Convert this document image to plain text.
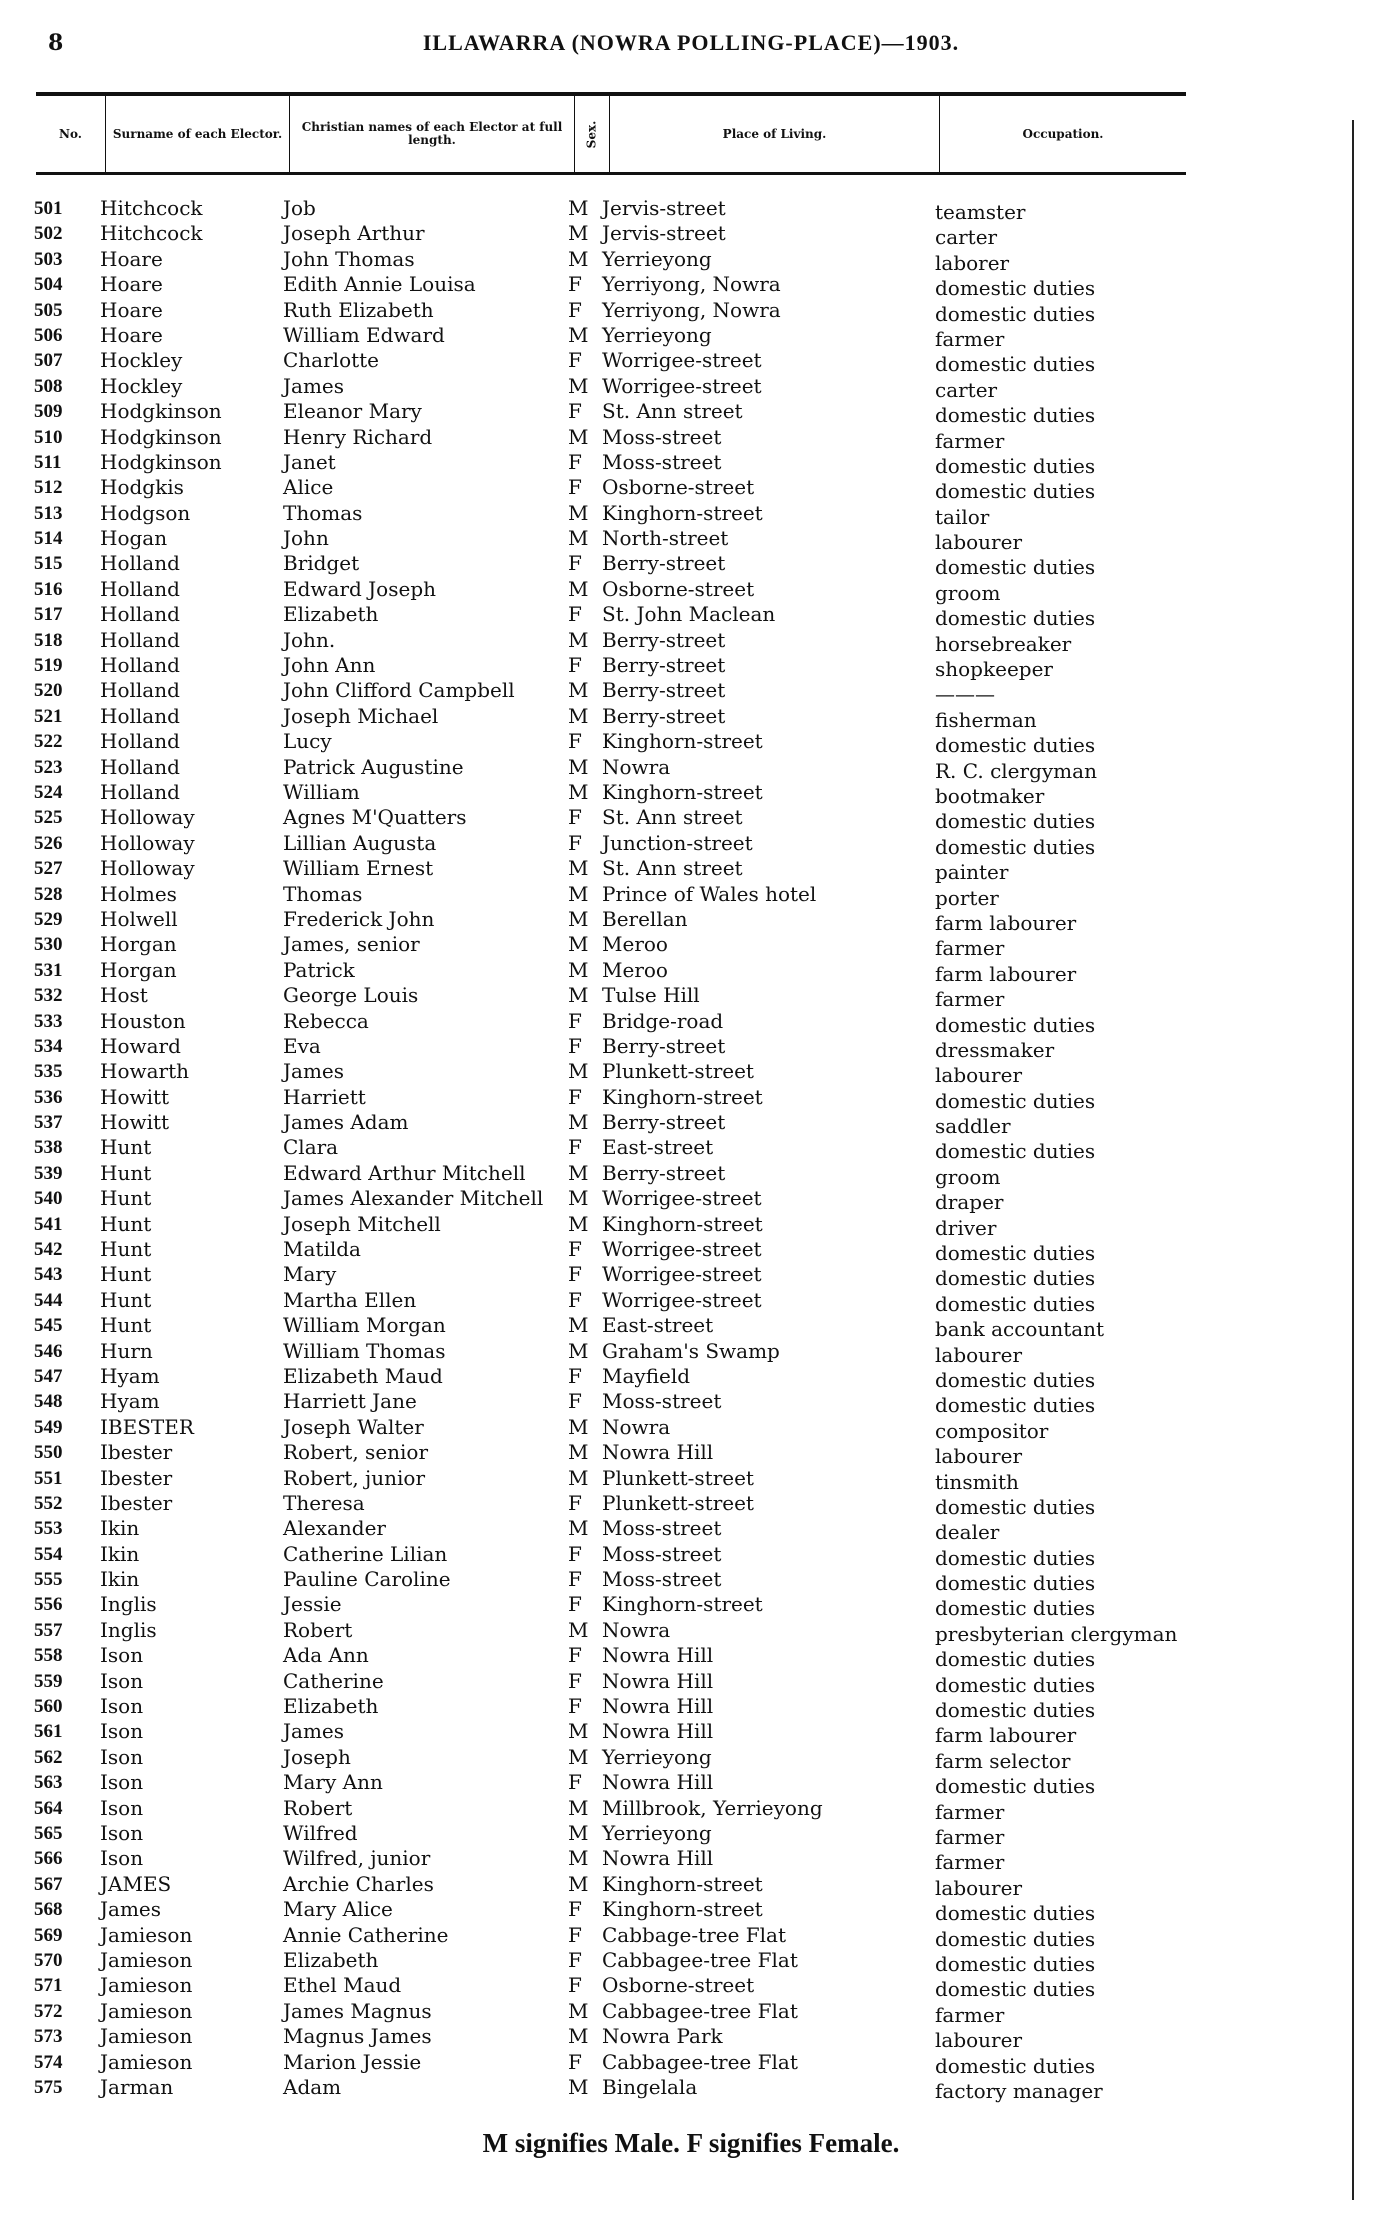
8	ILLAWARRA (NOWRA POLLING-PLACE)—1903.
No.	Surname of each Elector.	Christian names of each Elector at full length.	Sex.	Place of Living.	Occupation.
501 Hitchcock	Job	M Jervis-street	teamster
502 Hitchcock	Joseph Arthur	M Jervis-street	carter
503 Hoare	John Thomas	M Yerrieyong	laborer
504 Hoare	Edith Annie Louisa	F Yerriyong, Nowra	domestic duties
505 Hoare	Ruth Elizabeth	F Yerriyong, Nowra	domestic duties
506 Hoare	William Edward	M Yerrieyong	farmer
507 Hockley	Charlotte	F Worrigee-street	domestic duties
508 Hockley	James	M Worrigee-street	carter
509 Hodgkinson	Eleanor Mary	F St. Ann street	domestic duties
510 Hodgkinson	Henry Richard	M Moss-street	farmer
511 Hodgkinson	Janet	F Moss-street	domestic duties
512 Hodgkis	Alice	F Osborne-street	domestic duties
513 Hodgson	Thomas	M Kinghorn-street	tailor
514 Hogan	John	M North-street	labourer
515 Holland	Bridget	F Berry-street	domestic duties
516 Holland	Edward Joseph	M Osborne-street	groom
517 Holland	Elizabeth	F St. John Maclean	domestic duties
518 Holland	John.	M Berry-street	horsebreaker
519 Holland	John Ann	F Berry-street	shopkeeper
520 Holland	John Clifford Campbell	M Berry-street	———
521 Holland	Joseph Michael	M Berry-street	fisherman
522 Holland	Lucy	F Kinghorn-street	domestic duties
523 Holland	Patrick Augustine	M Nowra	R. C. clergyman
524 Holland	William	M Kinghorn-street	bootmaker
525 Holloway	Agnes M'Quatters	F St. Ann street	domestic duties
526 Holloway	Lillian Augusta	F Junction-street	domestic duties
527 Holloway	William Ernest	M St. Ann street	painter
528 Holmes	Thomas	M Prince of Wales hotel	porter
529 Holwell	Frederick John	M Berellan	farm labourer
530 Horgan	James, senior	M Meroo	farmer
531 Horgan	Patrick	M Meroo	farm labourer
532 Host	George Louis	M Tulse Hill	farmer
533 Houston	Rebecca	F Bridge-road	domestic duties
534 Howard	Eva	F Berry-street	dressmaker
535 Howarth	James	M Plunkett-street	labourer
536 Howitt	Harriett	F Kinghorn-street	domestic duties
537 Howitt	James Adam	M Berry-street	saddler
538 Hunt	Clara	F East-street	domestic duties
539 Hunt	Edward Arthur Mitchell M Berry-street	groom
540 Hunt	James Alexander Mitchell M Worrigee-street	draper
541 Hunt	Joseph Mitchell	M Kinghorn-street	driver
542 Hunt	Matilda	F Worrigee-street	domestic duties
543 Hunt	Mary	F Worrigee-street	domestic duties
544 Hunt	Martha Ellen	F Worrigee-street	domestic duties
545 Hunt	William Morgan	M East-street	bank accountant
546 Hurn	William Thomas	M Graham's Swamp	labourer
547 Hyam	Elizabeth Maud	F Mayfield	domestic duties
548 Hyam	Harriett Jane	F Moss-street	domestic duties
549 IBESTER	Joseph Walter	M Nowra	compositor
550 Ibester	Robert, senior	M Nowra Hill	labourer
551 Ibester	Robert, junior	M Plunkett-street	tinsmith
552 Ibester	Theresa	F Plunkett-street	domestic duties
553 Ikin	Alexander	M Moss-street	dealer
554 Ikin	Catherine Lilian	F Moss-street	domestic duties
555 Ikin	Pauline Caroline	F Moss-street	domestic duties
556 Inglis	Jessie	F Kinghorn-street	domestic duties
557 Inglis	Robert	M Nowra	presbyterian clergyman
558 Ison	Ada Ann	F Nowra Hill	domestic duties
559 Ison	Catherine	F Nowra Hill	domestic duties
560 Ison	Elizabeth	F Nowra Hill	domestic duties
561 Ison	James	M Nowra Hill	farm labourer
562 Ison	Joseph	M Yerrieyong	farm selector
563 Ison	Mary Ann	F Nowra Hill	domestic duties
564 Ison	Robert	M Millbrook, Yerrieyong	farmer
565 Ison	Wilfred	M Yerrieyong	farmer
566 Ison	Wilfred, junior	M Nowra Hill	farmer
567 JAMES	Archie Charles	M Kinghorn-street	labourer
568 James	Mary Alice	F Kinghorn-street	domestic duties
569 Jamieson	Annie Catherine	F Cabbage-tree Flat	domestic duties
570 Jamieson	Elizabeth	F Cabbagee-tree Flat	domestic duties
571 Jamieson	Ethel Maud	F Osborne-street	domestic duties
572 Jamieson	James Magnus	M Cabbagee-tree Flat	farmer
573 Jamieson	Magnus James	M Nowra Park	labourer
574 Jamieson	Marion Jessie	F Cabbagee-tree Flat	domestic duties
575 Jarman	Adam	M Bingelala	factory manager
M signifies Male. F signifies Female.
